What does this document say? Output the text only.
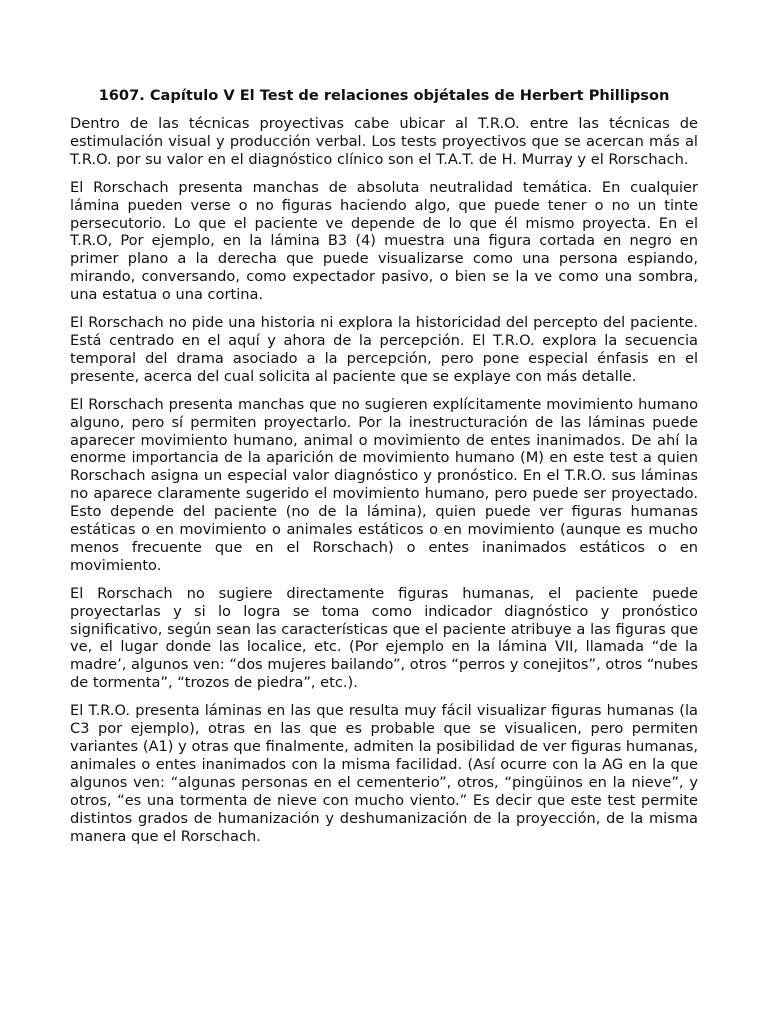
1607. Capítulo V El Test de relaciones objétales de Herbert Phillipson

Dentro de las técnicas proyectivas cabe ubicar al T.R.O. entre las técnicas de estimulación visual y producción verbal. Los tests proyectivos que se acercan más al T.R.O. por su valor en el diagnóstico clínico son el T.A.T. de H. Murray y el Rorschach.

El Rorschach presenta manchas de absoluta neutralidad temática. En cualquier lámina pueden verse o no figuras haciendo algo, que puede tener o no un tinte persecutorio. Lo que el paciente ve depende de lo que él mismo proyecta. En el T.R.O, Por ejemplo, en la lámina B3 (4) muestra una figura cortada en negro en primer plano a la derecha que puede visualizarse como una persona espiando, mirando, conversando, como expectador pasivo, o bien se la ve como una sombra, una estatua o una cortina.

El Rorschach no pide una historia ni explora la historicidad del percepto del paciente. Está centrado en el aquí y ahora de la percepción. El T.R.O. explora la secuencia temporal del drama asociado a la percepción, pero pone especial énfasis en el presente, acerca del cual solicita al paciente que se explaye con más detalle.

El Rorschach presenta manchas que no sugieren explícitamente movimiento humano alguno, pero sí permiten proyectarlo. Por la inestructuración de las láminas puede aparecer movimiento humano, animal o movimiento de entes inanimados. De ahí la enorme importancia de la aparición de movimiento humano (M) en este test a quien Rorschach asigna un especial valor diagnóstico y pronóstico. En el T.R.O. sus láminas no aparece claramente sugerido el movimiento humano, pero puede ser proyectado. Esto depende del paciente (no de la lámina), quien puede ver figuras humanas estáticas o en movimiento o animales estáticos o en movimiento (aunque es mucho menos frecuente que en el Rorschach) o entes inanimados estáticos o en movimiento.

El Rorschach no sugiere directamente figuras humanas, el paciente puede proyectarlas y si lo logra se toma como indicador diagnóstico y pronóstico significativo, según sean las características que el paciente atribuye a las figuras que ve, el lugar donde las localice, etc. (Por ejemplo en la lámina VII, llamada “de la madre’, algunos ven: “dos mujeres bailando”, otros “perros y conejitos”, otros “nubes de tormenta”, “trozos de piedra”, etc.).

El T.R.O. presenta láminas en las que resulta muy fácil visualizar figuras humanas (la C3 por ejemplo), otras en las que es probable que se visualicen, pero permiten variantes (A1) y otras que finalmente, admiten la posibilidad de ver figuras humanas, animales o entes inanimados con la misma facilidad. (Así ocurre con la AG en la que algunos ven: “algunas personas en el cementerio”, otros, “pingüinos en la nieve”, y otros, “es una tormenta de nieve con mucho viento.” Es decir que este test permite distintos grados de humanización y deshumanización de la proyección, de la misma manera que el Rorschach.
